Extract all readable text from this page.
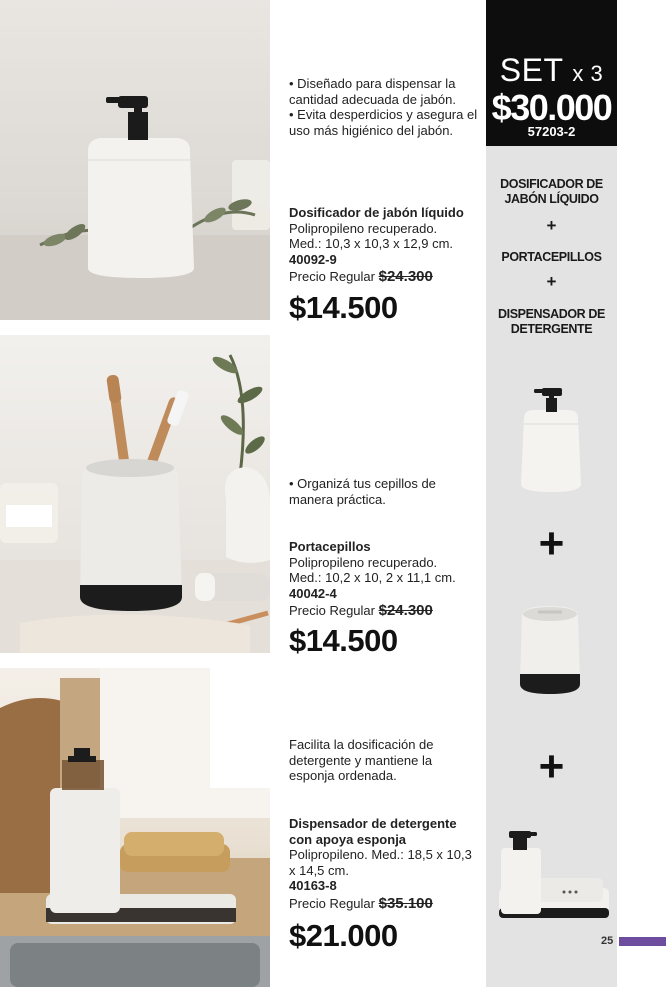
• Diseñado para dispensar la cantidad adecuada de jabón.

• Evita desperdicios y asegura el uso más higiénico del jabón.

Dosificador de jabón líquido
Polipropileno recuperado.
Med.: 10,3 x 10,3 x 12,9 cm.
40092-9
Precio Regular $24.300
$14.500

• Organizá tus cepillos de manera práctica.

Portacepillos
Polipropileno recuperado.
Med.: 10,2 x 10, 2 x 11,1 cm.
40042-4
Precio Regular $24.300
$14.500

Facilita la dosificación de detergente y mantiene la esponja ordenada.

Dispensador de detergente con apoya esponja
Polipropileno. Med.: 18,5 x 10,3 x 14,5 cm.
40163-8
Precio Regular $35.100
$21.000
SET x 3
$30.000
57203-2
DOSIFICADOR DE JABÓN LÍQUIDO
+
PORTACEPILLOS
+
DISPENSADOR DE DETERGENTE
+
+
25
